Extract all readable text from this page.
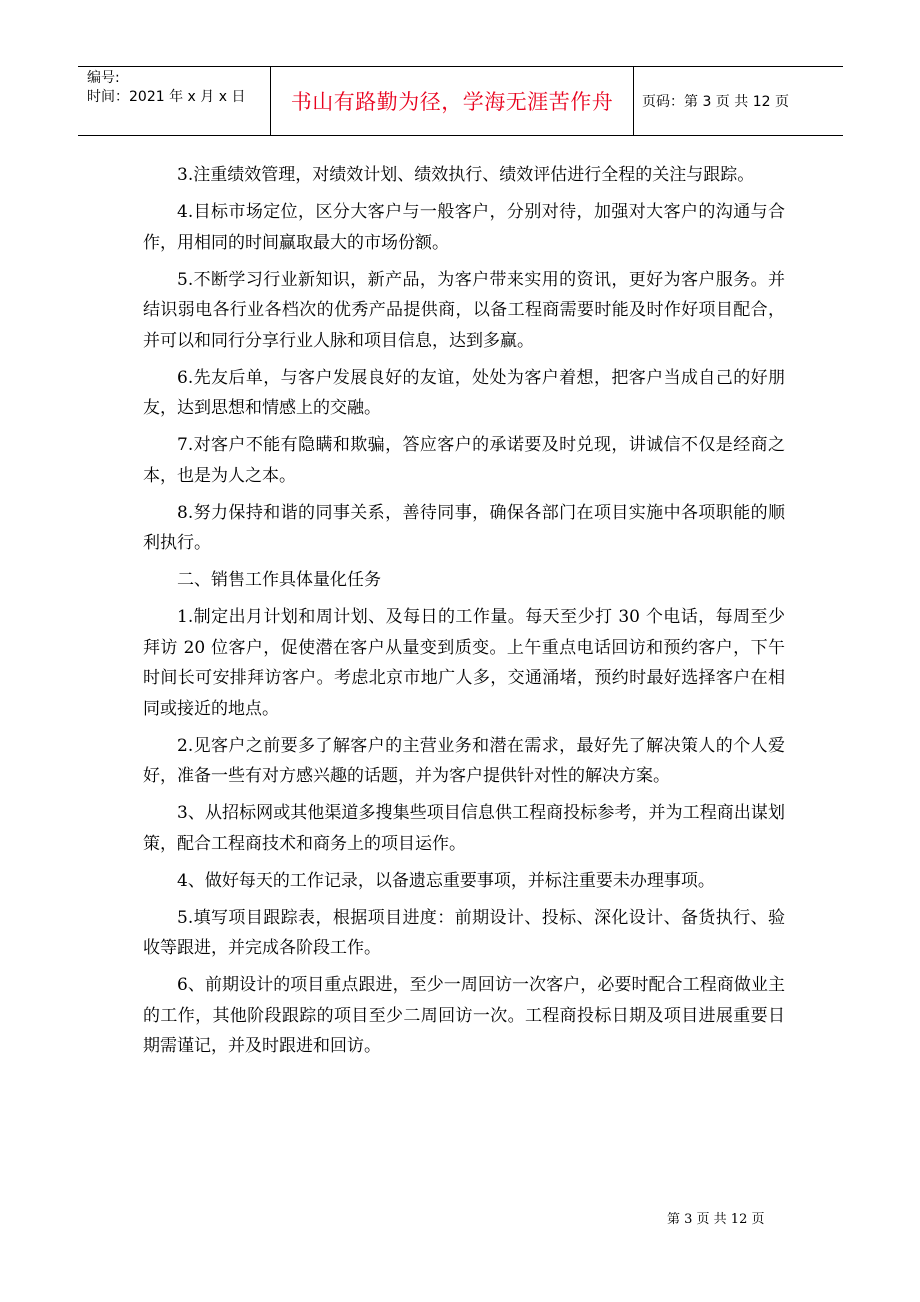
编号:
时间：2021 年 x 月 x 日	书山有路勤为径，学海无涯苦作舟 页码：第 3 页 共 12 页

3.注重绩效管理，对绩效计划、绩效执行、绩效评估进行全程的关注与跟踪。

4.目标市场定位，区分大客户与一般客户，分别对待，加强对大客户的沟通与合作，用相同的时间赢取最大的市场份额。

5.不断学习行业新知识，新产品，为客户带来实用的资讯，更好为客户服务。并结识弱电各行业各档次的优秀产品提供商，以备工程商需要时能及时作好项目配合，并可以和同行分享行业人脉和项目信息，达到多赢。

6.先友后单，与客户发展良好的友谊，处处为客户着想，把客户当成自己的好朋友，达到思想和情感上的交融。

7.对客户不能有隐瞒和欺骗，答应客户的承诺要及时兑现，讲诚信不仅是经商之本，也是为人之本。

8.努力保持和谐的同事关系，善待同事，确保各部门在项目实施中各项职能的顺利执行。

二、销售工作具体量化任务

1.制定出月计划和周计划、及每日的工作量。每天至少打 30 个电话，每周至少拜访 20 位客户，促使潜在客户从量变到质变。上午重点电话回访和预约客户，下午时间长可安排拜访客户。考虑北京市地广人多，交通涌堵，预约时最好选择客户在相同或接近的地点。

2.见客户之前要多了解客户的主营业务和潜在需求，最好先了解决策人的个人爱好，准备一些有对方感兴趣的话题，并为客户提供针对性的解决方案。

3、从招标网或其他渠道多搜集些项目信息供工程商投标参考，并为工程商出谋划策，配合工程商技术和商务上的项目运作。

4、做好每天的工作记录，以备遗忘重要事项，并标注重要未办理事项。

5.填写项目跟踪表，根据项目进度：前期设计、投标、深化设计、备货执行、验收等跟进，并完成各阶段工作。

6、前期设计的项目重点跟进，至少一周回访一次客户，必要时配合工程商做业主的工作，其他阶段跟踪的项目至少二周回访一次。工程商投标日期及项目进展重要日期需谨记，并及时跟进和回访。

第 3 页 共 12 页
